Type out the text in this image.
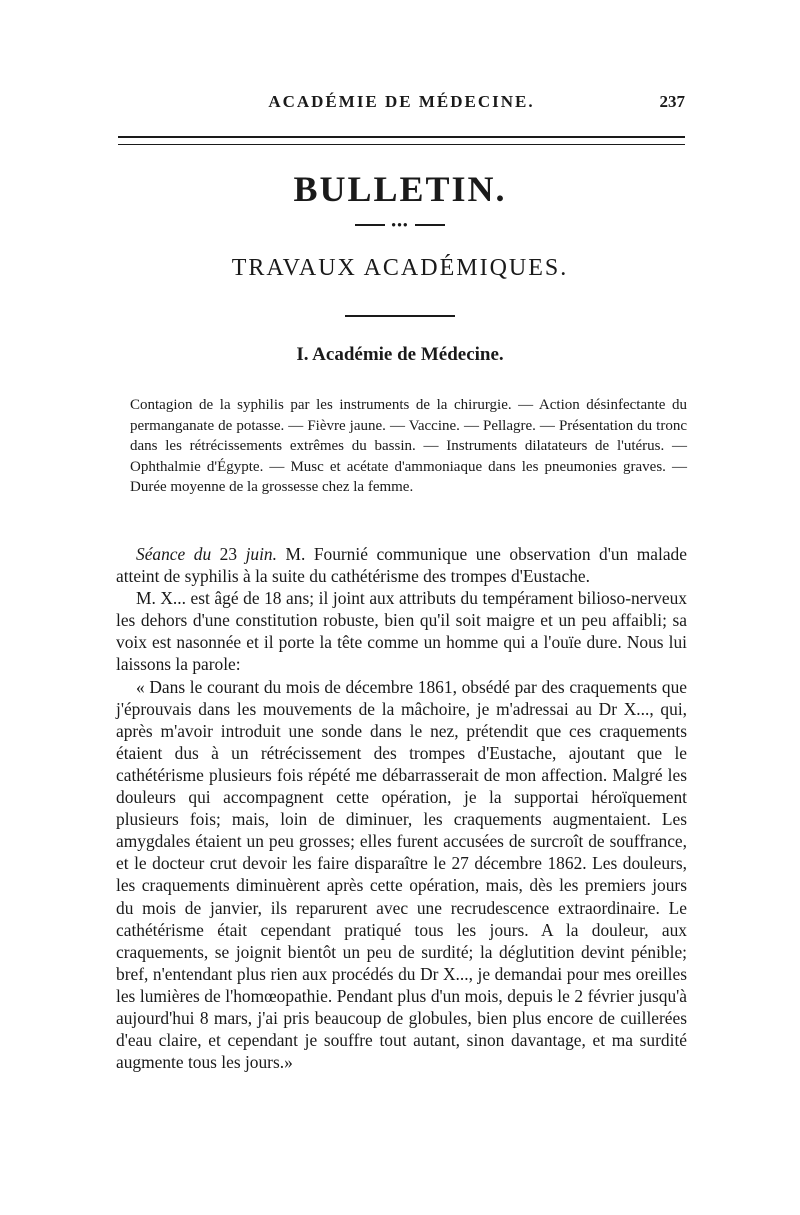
ACADÉMIE DE MÉDECINE.	237
BULLETIN.
●●●
TRAVAUX ACADÉMIQUES.
I. Académie de Médecine.
Contagion de la syphilis par les instruments de la chirurgie. — Action désinfectante du permanganate de potasse. — Fièvre jaune. — Vaccine. — Pellagre. — Présentation du tronc dans les rétrécissements extrêmes du bassin. — Instruments dilatateurs de l'utérus. — Ophthalmie d'Égypte. — Musc et acétate d'ammoniaque dans les pneumonies graves. — Durée moyenne de la grossesse chez la femme.

Séance du 23 juin. M. Fournié communique une observation d'un malade atteint de syphilis à la suite du cathétérisme des trompes d'Eustache.

M. X... est âgé de 18 ans; il joint aux attributs du tempérament bilioso-nerveux les dehors d'une constitution robuste, bien qu'il soit maigre et un peu affaibli; sa voix est nasonnée et il porte la tête comme un homme qui a l'ouïe dure. Nous lui laissons la parole:

« Dans le courant du mois de décembre 1861, obsédé par des craquements que j'éprouvais dans les mouvements de la mâchoire, je m'adressai au Dr X..., qui, après m'avoir introduit une sonde dans le nez, prétendit que ces craquements étaient dus à un rétrécissement des trompes d'Eustache, ajoutant que le cathétérisme plusieurs fois répété me débarrasserait de mon affection. Malgré les douleurs qui accompagnent cette opération, je la supportai héroïquement plusieurs fois; mais, loin de diminuer, les craquements augmentaient. Les amygdales étaient un peu grosses; elles furent accusées de surcroît de souffrance, et le docteur crut devoir les faire disparaître le 27 décembre 1862. Les douleurs, les craquements diminuèrent après cette opération, mais, dès les premiers jours du mois de janvier, ils reparurent avec une recrudescence extraordinaire. Le cathétérisme était cependant pratiqué tous les jours. A la douleur, aux craquements, se joignit bientôt un peu de surdité; la déglutition devint pénible; bref, n'entendant plus rien aux procédés du Dr X..., je demandai pour mes oreilles les lumières de l'homœopathie. Pendant plus d'un mois, depuis le 2 février jusqu'à aujourd'hui 8 mars, j'ai pris beaucoup de globules, bien plus encore de cuillerées d'eau claire, et cependant je souffre tout autant, sinon davantage, et ma surdité augmente tous les jours.»
